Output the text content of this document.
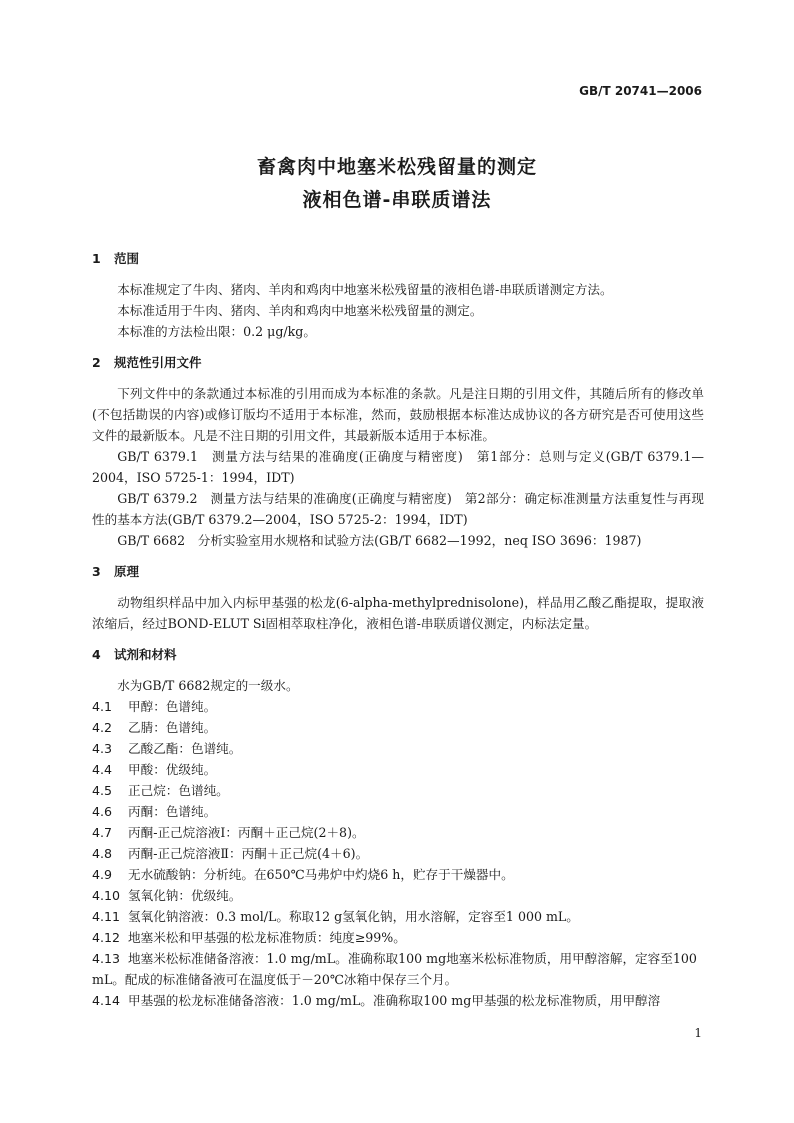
GB/T 20741—2006
畜禽肉中地塞米松残留量的测定
液相色谱-串联质谱法
1 范围

本标准规定了牛肉、猪肉、羊肉和鸡肉中地塞米松残留量的液相色谱-串联质谱测定方法。

本标准适用于牛肉、猪肉、羊肉和鸡肉中地塞米松残留量的测定。

本标准的方法检出限：0.2 μg/kg。

2 规范性引用文件

下列文件中的条款通过本标准的引用而成为本标准的条款。凡是注日期的引用文件，其随后所有的修改单(不包括勘误的内容)或修订版均不适用于本标准，然而，鼓励根据本标准达成协议的各方研究是否可使用这些文件的最新版本。凡是不注日期的引用文件，其最新版本适用于本标准。

GB/T 6379.1　测量方法与结果的准确度(正确度与精密度)　第1部分：总则与定义(GB/T 6379.1—2004，ISO 5725-1：1994，IDT)

GB/T 6379.2　测量方法与结果的准确度(正确度与精密度)　第2部分：确定标准测量方法重复性与再现性的基本方法(GB/T 6379.2—2004，ISO 5725-2：1994，IDT)

GB/T 6682　分析实验室用水规格和试验方法(GB/T 6682—1992，neq ISO 3696：1987)

3 原理

动物组织样品中加入内标甲基强的松龙(6-alpha-methylprednisolone)，样品用乙酸乙酯提取，提取液浓缩后，经过BOND-ELUT Si固相萃取柱净化，液相色谱-串联质谱仪测定，内标法定量。

4 试剂和材料

水为GB/T 6682规定的一级水。

4.1 甲醇：色谱纯。
4.2 乙腈：色谱纯。
4.3 乙酸乙酯：色谱纯。
4.4 甲酸：优级纯。
4.5 正己烷：色谱纯。
4.6 丙酮：色谱纯。
4.7 丙酮-正己烷溶液Ⅰ：丙酮＋正己烷(2＋8)。
4.8 丙酮-正己烷溶液Ⅱ：丙酮＋正己烷(4＋6)。
4.9 无水硫酸钠：分析纯。在650℃马弗炉中灼烧6 h，贮存于干燥器中。
4.10 氢氧化钠：优级纯。
4.11 氢氧化钠溶液：0.3 mol/L。称取12 g氢氧化钠，用水溶解，定容至1 000 mL。
4.12 地塞米松和甲基强的松龙标准物质：纯度≥99%。
4.13 地塞米松标准储备溶液：1.0 mg/mL。准确称取100 mg地塞米松标准物质，用甲醇溶解，定容至100 mL。配成的标准储备液可在温度低于－20℃冰箱中保存三个月。
4.14 甲基强的松龙标准储备溶液：1.0 mg/mL。准确称取100 mg甲基强的松龙标准物质，用甲醇溶
1
